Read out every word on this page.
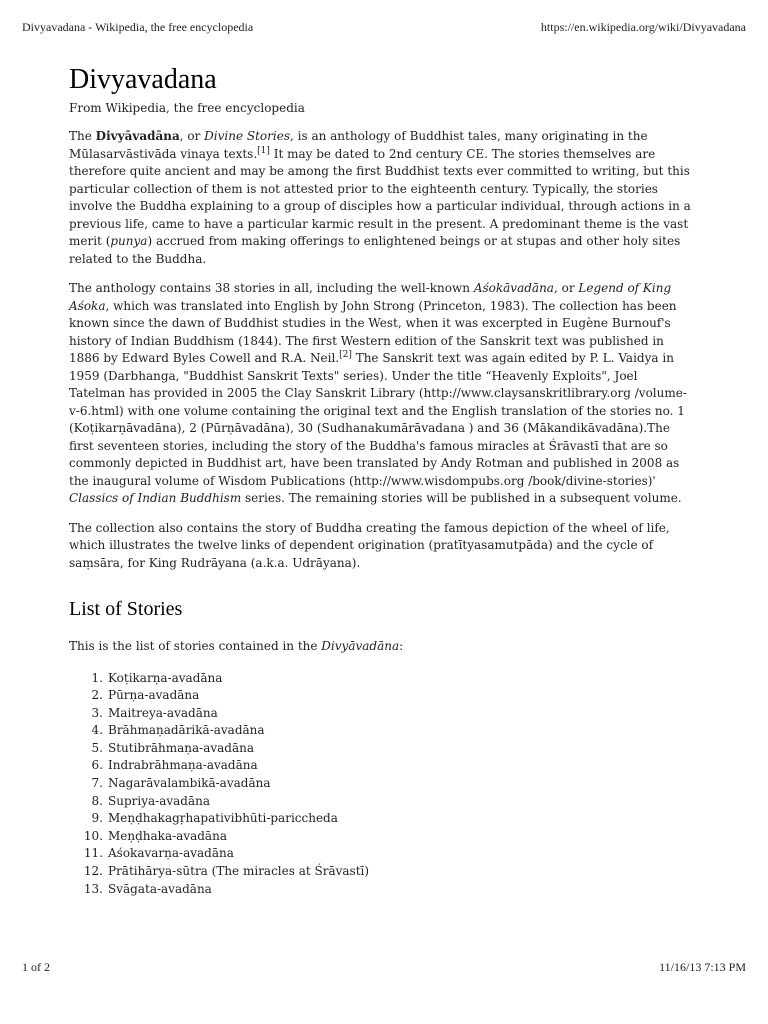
Divyavadana - Wikipedia, the free encyclopedia	https://en.wikipedia.org/wiki/Divyavadana
Divyavadana
From Wikipedia, the free encyclopedia

The Divyāvadāna, or Divine Stories, is an anthology of Buddhist tales, many originating in the Mūlasarvāstivāda vinaya texts.[1] It may be dated to 2nd century CE. The stories themselves are therefore quite ancient and may be among the first Buddhist texts ever committed to writing, but this particular collection of them is not attested prior to the eighteenth century. Typically, the stories involve the Buddha explaining to a group of disciples how a particular individual, through actions in a previous life, came to have a particular karmic result in the present. A predominant theme is the vast merit (punya) accrued from making offerings to enlightened beings or at stupas and other holy sites related to the Buddha.

The anthology contains 38 stories in all, including the well-known Aśokāvadāna, or Legend of King Aśoka, which was translated into English by John Strong (Princeton, 1983). The collection has been known since the dawn of Buddhist studies in the West, when it was excerpted in Eugène Burnouf's history of Indian Buddhism (1844). The first Western edition of the Sanskrit text was published in 1886 by Edward Byles Cowell and R.A. Neil.[2] The Sanskrit text was again edited by P. L. Vaidya in 1959 (Darbhanga, "Buddhist Sanskrit Texts" series). Under the title “Heavenly Exploits", Joel Tatelman has provided in 2005 the Clay Sanskrit Library (http://www.claysanskritlibrary.org /volume-v-6.html) with one volume containing the original text and the English translation of the stories no. 1 (Koṭikarṇāvadāna), 2 (Pūrṇāvadāna), 30 (Sudhanakumārāvadana ) and 36 (Mākandikāvadāna).The first seventeen stories, including the story of the Buddha's famous miracles at Śrāvastī that are so commonly depicted in Buddhist art, have been translated by Andy Rotman and published in 2008 as the inaugural volume of Wisdom Publications (http://www.wisdompubs.org /book/divine-stories)' Classics of Indian Buddhism series. The remaining stories will be published in a subsequent volume.

The collection also contains the story of Buddha creating the famous depiction of the wheel of life, which illustrates the twelve links of dependent origination (pratītyasamutpāda) and the cycle of saṃsāra, for King Rudrāyana (a.k.a. Udrāyana).

List of Stories

This is the list of stories contained in the Divyāvadāna:

1. Koṭikarṇa-avadāna
2. Pūrṇa-avadāna
3. Maitreya-avadāna
4. Brāhmaṇadārikā-avadāna
5. Stutibrāhmaṇa-avadāna
6. Indrabrāhmaṇa-avadāna
7. Nagarāvalambikā-avadāna
8. Supriya-avadāna
9. Meṇḍhakagṛhapativibhūti-pariccheda
10. Meṇḍhaka-avadāna
11. Aśokavarṇa-avadāna
12. Prātihārya-sūtra (The miracles at Śrāvastī)
13. Svāgata-avadāna
1 of 2	11/16/13 7:13 PM
